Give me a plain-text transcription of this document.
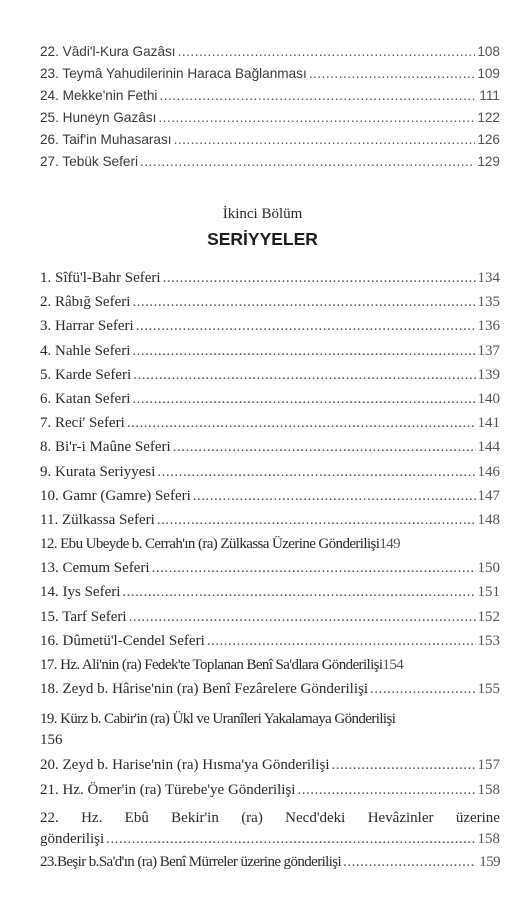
22. Vâdi'l-Kura Gazâsı .....	108
23. Teymâ Yahudilerinin Haraca Bağlanması .....	109
24. Mekke'nin Fethi .....	111
25. Huneyn Gazâsı .....	122
26. Taif'in Muhasarası .....	126
27. Tebük Seferi .....	129
İkinci Bölüm
SERİYYELER
1. Sîfü'l-Bahr Seferi .....	134
2. Râbığ Seferi .....	135
3. Harrar Seferi .....	136
4. Nahle Seferi .....	137
5. Karde Seferi .....	139
6. Katan Seferi .....	140
7. Reci' Seferi .....	141
8. Bi'r-i Maûne Seferi .....	144
9. Kurata Seriyyesi .....	146
10. Gamr (Gamre) Seferi .....	147
11. Zülkassa Seferi .....	148
12. Ebu Ubeyde b. Cerrah'ın (ra) Zülkassa Üzerine Gönderilişi 149
13. Cemum Seferi .....	150
14. Iys Seferi .....	151
15. Tarf Seferi .....	152
16. Dûmetü'l-Cendel Seferi .....	153
17. Hz. Ali'nin (ra) Fedek'te Toplanan Benî Sa'dlara Gönderilişi 154
18. Zeyd b. Hârise'nin (ra) Benî Fezârelere Gönderilişi .....	155
19. Kürz b. Cabir'in (ra) Ükl ve Uranîleri Yakalamaya Gönderilişi
156
20. Zeyd b. Harise'nin (ra) Hısma'ya Gönderilişi .....	157
21. Hz. Ömer'in (ra) Türebe'ye Gönderilişi .....	158
22. Hz. Ebû Bekir'in (ra) Necd'deki Hevâzinler üzerine
gönderilişi .....	158
23.Beşir b.Sa'd'ın (ra) Benî Mürreler üzerine gönderilişi .....	159
